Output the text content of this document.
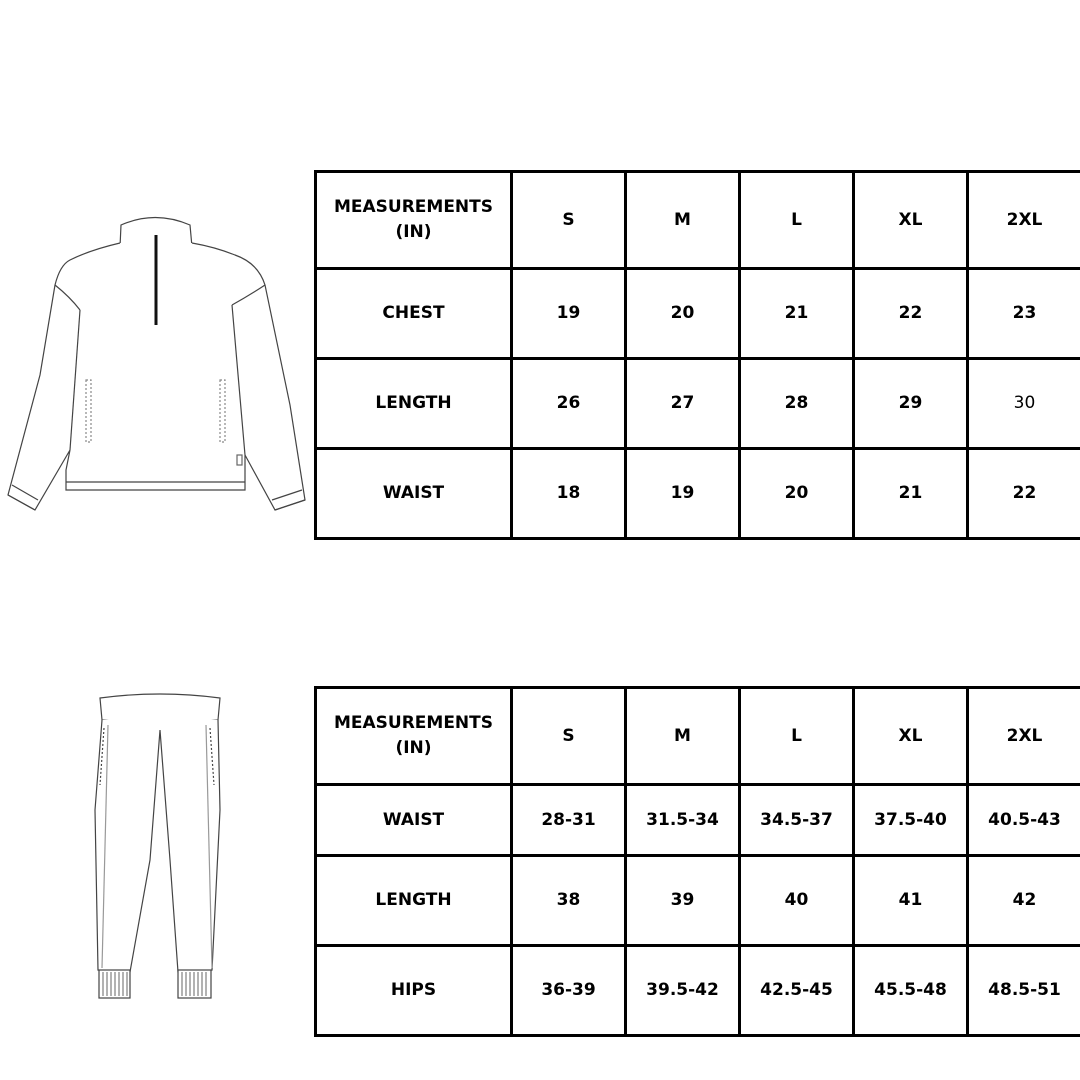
MEASUREMENTS (IN)	S	M	L	XL	2XL
CHEST	19	20	21	22	23
LENGTH	26	27	28	29	30
WAIST	18	19	20	21	22
MEASUREMENTS (IN)	S	M	L	XL	2XL
WAIST	28-31	31.5-34	34.5-37	37.5-40	40.5-43
LENGTH	38	39	40	41	42
HIPS	36-39	39.5-42	42.5-45	45.5-48	48.5-51
